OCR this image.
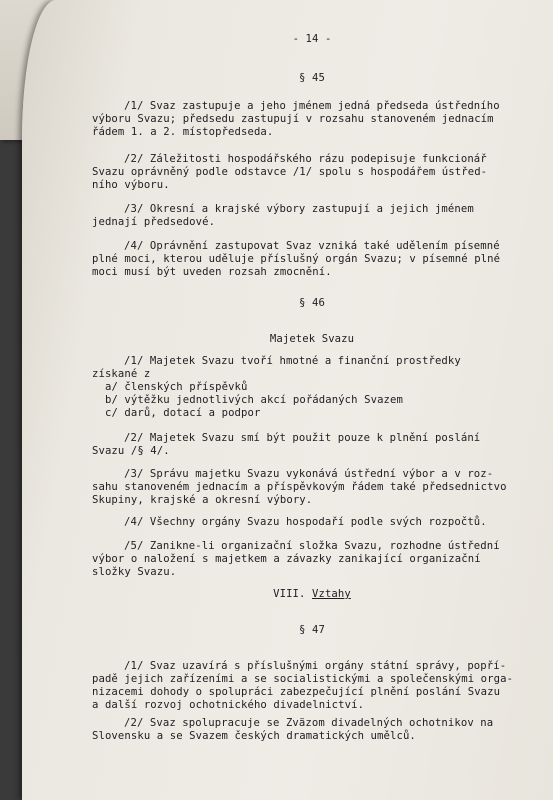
- 14 -
§ 45
/1/ Svaz zastupuje a jeho jménem jedná předseda ústředního
výboru Svazu; předsedu zastupují v rozsahu stanoveném jednacím
řádem 1. a 2. místopředseda.
/2/ Záležitosti hospodářského rázu podepisuje funkcionář
Svazu oprávněný podle odstavce /1/ spolu s hospodářem ústřed-
ního výboru.
/3/ Okresní a krajské výbory zastupují a jejich jménem
jednají předsedové.
/4/ Oprávnění zastupovat Svaz vzniká také udělením písemné
plné moci, kterou uděluje příslušný orgán Svazu; v písemné plné
moci musí být uveden rozsah zmocnění.
§ 46
Majetek Svazu
/1/ Majetek Svazu tvoří hmotné a finanční prostředky
získané z
a/ členských příspěvků
b/ výtěžku jednotlivých akcí pořádaných Svazem
c/ darů, dotací a podpor
/2/ Majetek Svazu smí být použit pouze k plnění poslání
Svazu /§ 4/.
/3/ Správu majetku Svazu vykonává ústřední výbor a v roz-
sahu stanoveném jednacím a příspěvkovým řádem také předsednictvo
Skupiny, krajské a okresní výbory.
/4/ Všechny orgány Svazu hospodaří podle svých rozpočtů.
/5/ Zanikne-li organizační složka Svazu, rozhodne ústřední
výbor o naložení s majetkem a závazky zanikající organizační
složky Svazu.
VIII. Vztahy
§ 47
/1/ Svaz uzavírá s příslušnými orgány státní správy, popří-
padě jejich zařízeními a se socialistickými a společenskými orga-
nizacemi dohody o spolupráci zabezpečující plnění poslání Svazu
a další rozvoj ochotnického divadelnictví.
/2/ Svaz spolupracuje se Zväzom divadelných ochotnikov na
Slovensku a se Svazem českých dramatických umělců.
